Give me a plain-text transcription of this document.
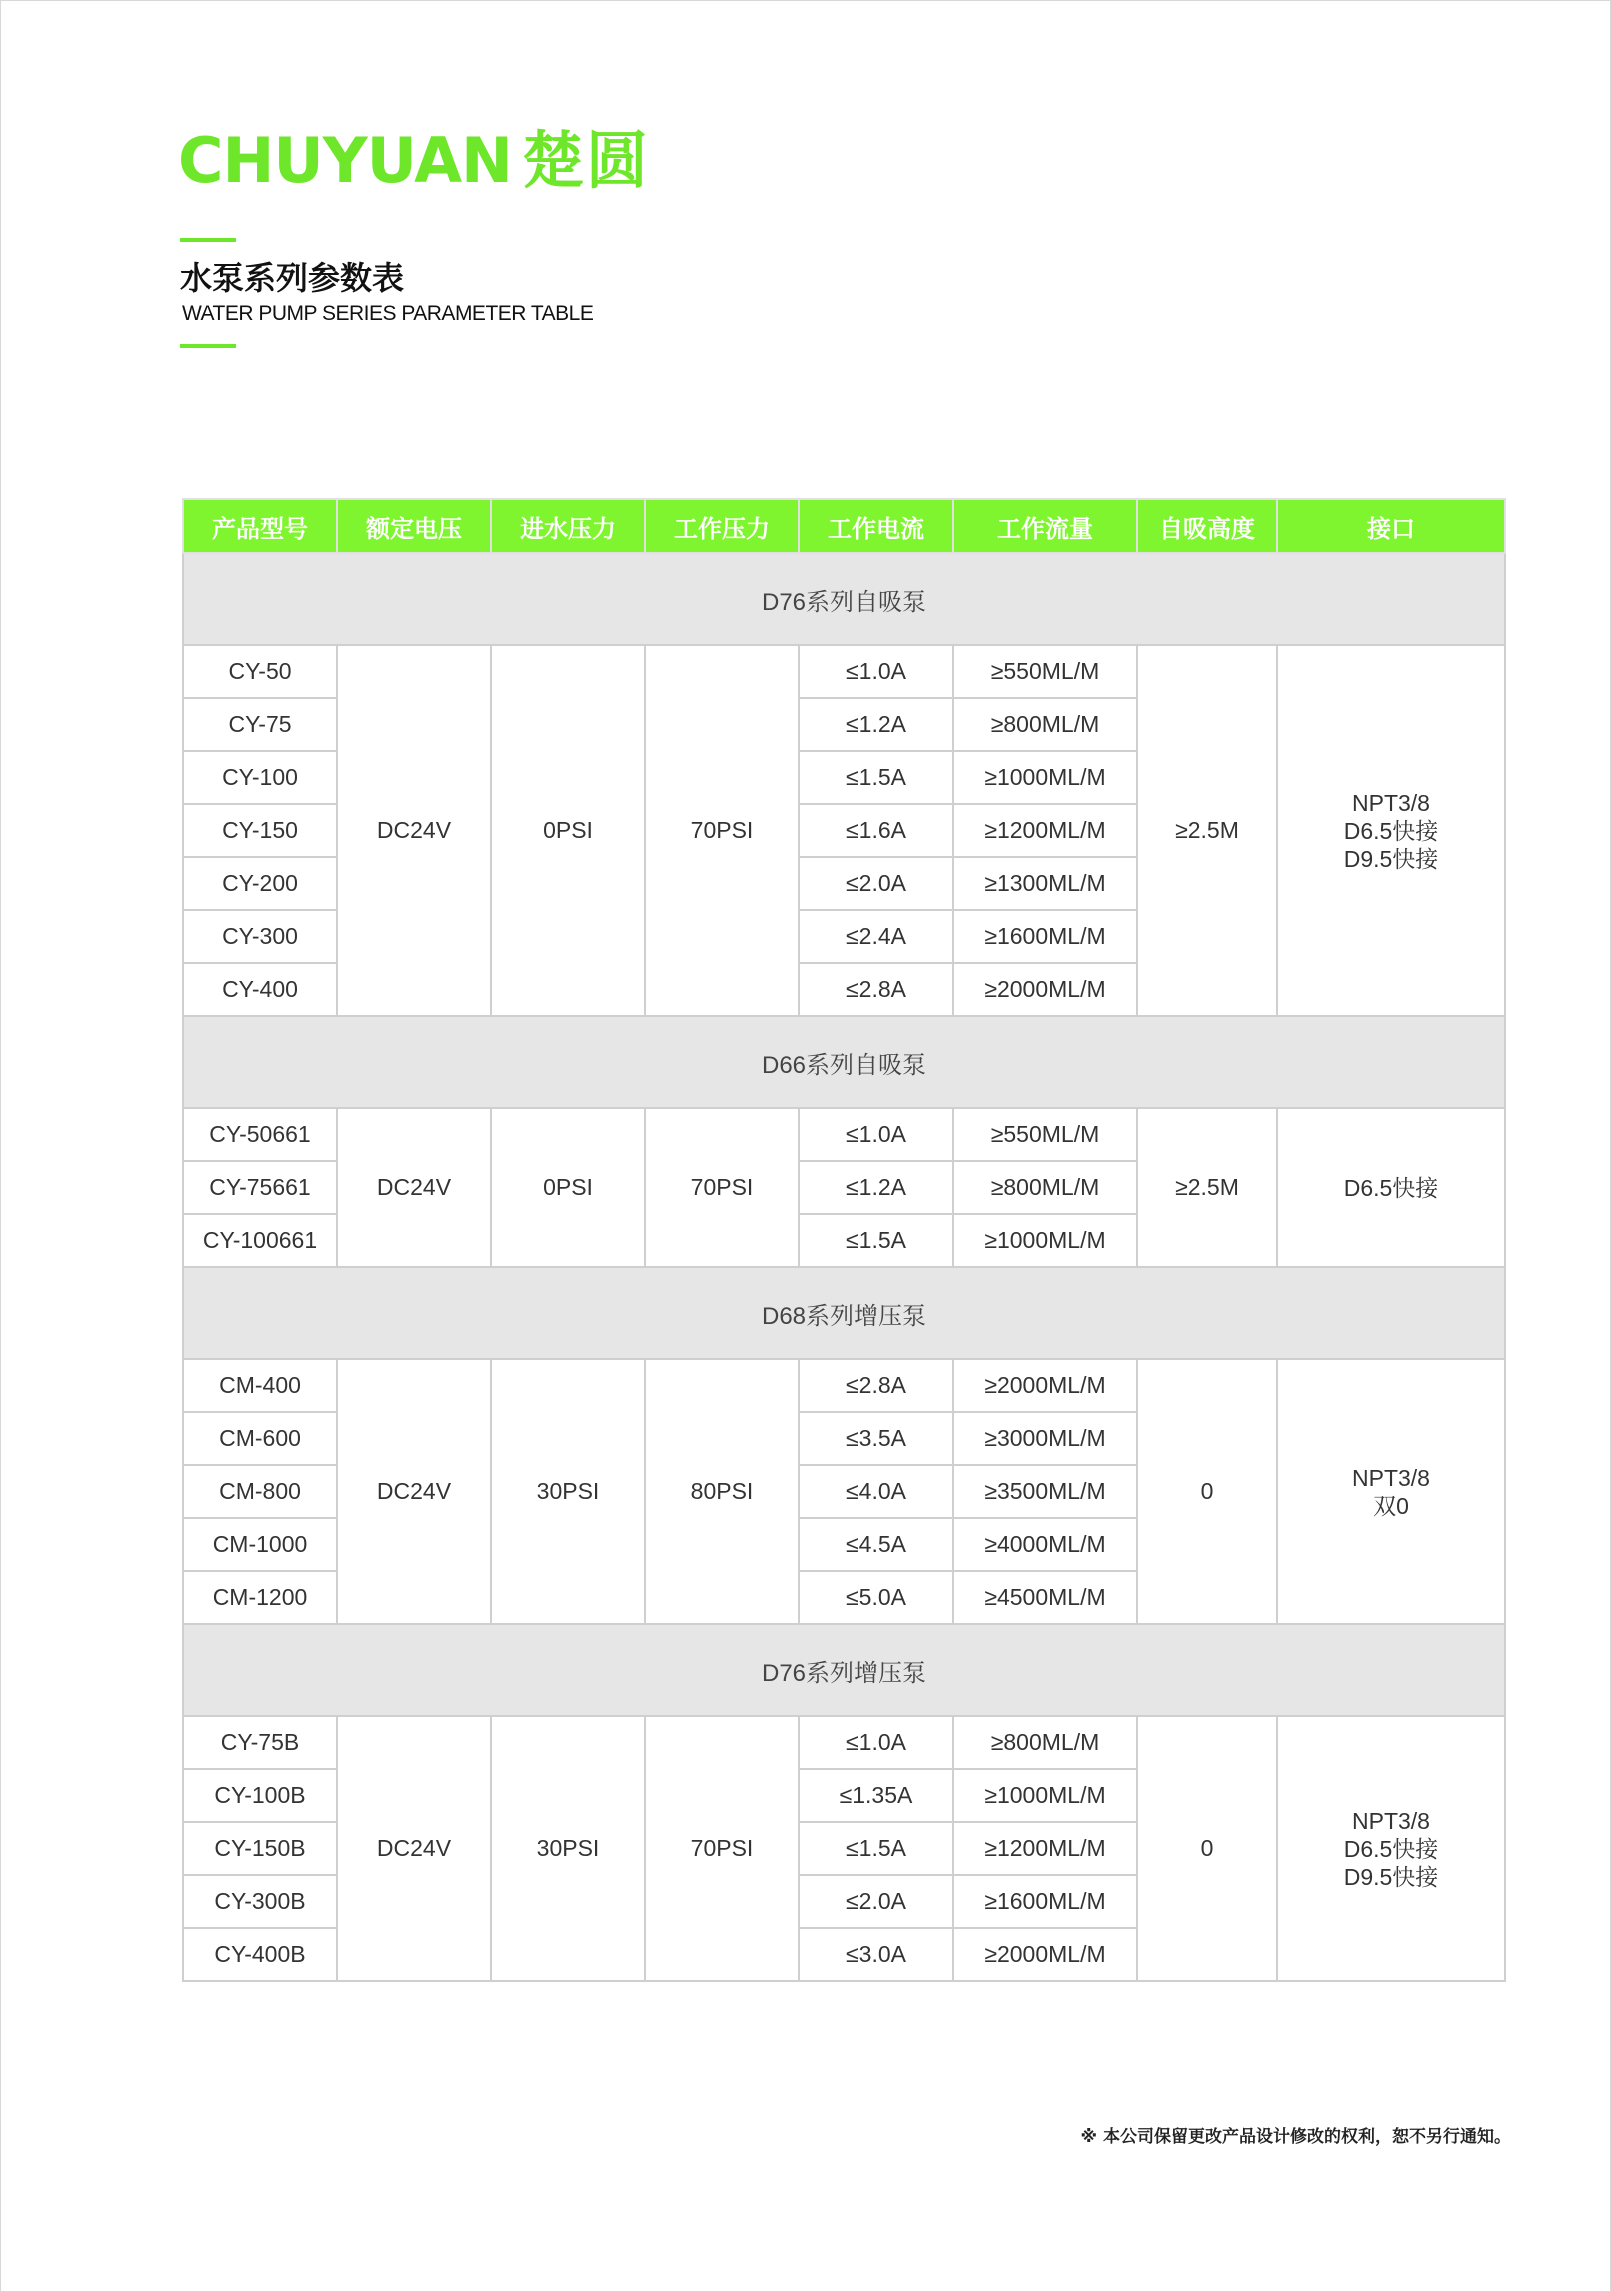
CHUYUAN 楚圆
水泵系列参数表
WATER PUMP SERIES PARAMETER TABLE
产品型号	额定电压	进水压力	工作压力	工作电流	工作流量	自吸高度	接口
D76系列自吸泵							
CY-50	DC24V	0PSI	70PSI	≤1.0A	≥550ML/M	≥2.5M	NPT3/8
D6.5快接
D9.5快接

CY-75				≤1.2A	≥800ML/M		
CY-100				≤1.5A	≥1000ML/M		
CY-150				≤1.6A	≥1200ML/M		
CY-200				≤2.0A	≥1300ML/M		
CY-300				≤2.4A	≥1600ML/M		
CY-400				≤2.8A	≥2000ML/M		
D66系列自吸泵							
CY-50661	DC24V	0PSI	70PSI	≤1.0A	≥550ML/M	≥2.5M	D6.5快接

CY-75661				≤1.2A	≥800ML/M		
CY-100661				≤1.5A	≥1000ML/M		
D68系列增压泵							
CM-400	DC24V	30PSI	80PSI	≤2.8A	≥2000ML/M	0	NPT3/8
双0

CM-600				≤3.5A	≥3000ML/M		
CM-800				≤4.0A	≥3500ML/M		
CM-1000				≤4.5A	≥4000ML/M		
CM-1200				≤5.0A	≥4500ML/M		
D76系列增压泵							
CY-75B	DC24V	30PSI	70PSI	≤1.0A	≥800ML/M	0	NPT3/8
D6.5快接
D9.5快接

CY-100B				≤1.35A	≥1000ML/M		
CY-150B				≤1.5A	≥1200ML/M		
CY-300B				≤2.0A	≥1600ML/M		
CY-400B				≤3.0A	≥2000ML/M		
※ 本公司保留更改产品设计修改的权利，恕不另行通知。
